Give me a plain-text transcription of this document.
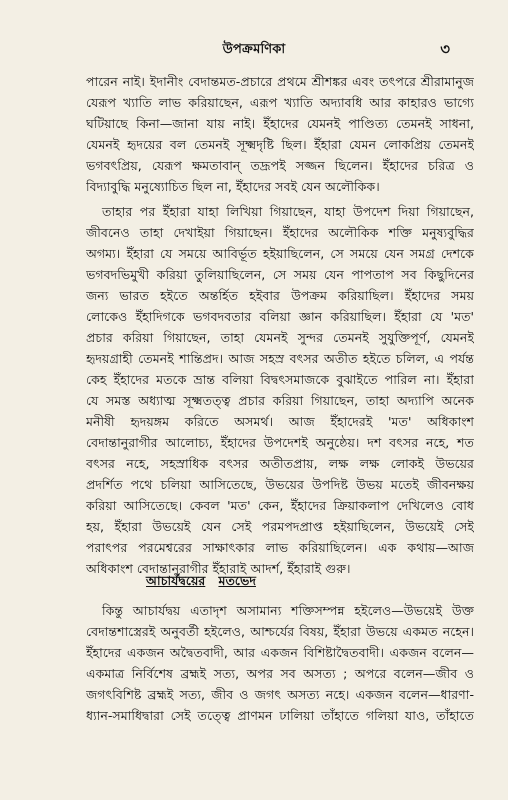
উপক্রমণিকা	৩
পারেন নাই। ইদানীং বেদান্তমত-প্রচারে প্রথমে শ্রীশঙ্কর এবং তৎপরে শ্রীরামানুজ
যেরূপ খ্যাতি লাভ করিয়াছেন, এরূপ খ্যাতি অদ্যাবধি আর কাহারও ভাগ্যে
ঘটিয়াছে কিনা—জানা যায় নাই। ইঁহাদের যেমনই পাণ্ডিত্য তেমনই সাধনা,
যেমনই হৃদয়ের বল তেমনই সূক্ষ্মদৃষ্টি ছিল। ইঁহারা যেমন লোকপ্রিয় তেমনই
ভগবৎপ্রিয়, যেরূপ ক্ষমতাবান্ তদ্রূপই সজ্জন ছিলেন। ইঁহাদের চরিত্র ও
বিদ্যাবুদ্ধি মনুষ্যোচিত ছিল না, ইঁহাদের সবই যেন অলৌকিক।
তাহার পর ইঁহারা যাহা লিখিয়া গিয়াছেন, যাহা উপদেশ দিয়া গিয়াছেন,
জীবনেও তাহা দেখাইয়া গিয়াছেন। ইঁহাদের অলৌকিক শক্তি মনুষ্যবুদ্ধির
অগম্য। ইঁহারা যে সময়ে আবির্ভূত হইয়াছিলেন, সে সময়ে যেন সমগ্র দেশকে
ভগবদভিমুখী করিয়া তুলিয়াছিলেন, সে সময় যেন পাপতাপ সব কিছুদিনের
জন্য ভারত হইতে অন্তর্হিত হইবার উপক্রম করিয়াছিল। ইঁহাদের সময়
লোকেও ইঁহাদিগকে ভগবদবতার বলিয়া জ্ঞান করিয়াছিল। ইঁহারা যে 'মত'
প্রচার করিয়া গিয়াছেন, তাহা যেমনই সুন্দর তেমনই সুযুক্তিপূর্ণ, যেমনই
হৃদয়গ্রাহী তেমনই শান্তিপ্রদ। আজ সহস্র বৎসর অতীত হইতে চলিল, এ পর্যন্ত
কেহ ইঁহাদের মতকে ভ্রান্ত বলিয়া বিদ্বৎসমাজকে বুঝাইতে পারিল না। ইঁহারা
যে সমস্ত অধ্যাত্ম সূক্ষ্মতত্ত্ব প্রচার করিয়া গিয়াছেন, তাহা অদ্যাপি অনেক
মনীষী হৃদয়ঙ্গম করিতে অসমর্থ। আজ ইঁহাদেরই 'মত' অধিকাংশ
বেদান্তানুরাগীর আলোচ্য, ইঁহাদের উপদেশই অনুষ্ঠেয়। দশ বৎসর নহে, শত
বৎসর নহে, সহস্রাধিক বৎসর অতীতপ্রায়, লক্ষ লক্ষ লোকই উভয়ের
প্রদর্শিত পথে চলিয়া আসিতেছে, উভয়ের উপদিষ্ট উভয় মতেই জীবনক্ষয়
করিয়া আসিতেছে। কেবল 'মত' কেন, ইঁহাদের ক্রিয়াকলাপ দেখিলেও বোধ
হয়, ইঁহারা উভয়েই যেন সেই পরমপদপ্রাপ্ত হইয়াছিলেন, উভয়েই সেই
পরাৎপর পরমেশ্বরের সাক্ষাৎকার লাভ করিয়াছিলেন। এক কথায়—আজ
অধিকাংশ বেদান্তানুরাগীর ইঁহারাই আদর্শ, ইঁহারাই গুরু।
আচার্যদ্বয়ের মতভেদ
কিন্তু আচার্যদ্বয় এতাদৃশ অসামান্য শক্তিসম্পন্ন হইলেও—উভয়েই উক্ত
বেদান্তশাস্ত্রেরই অনুবর্তী হইলেও, আশ্চর্যের বিষয়, ইঁহারা উভয়ে একমত নহেন।
ইঁহাদের একজন অদ্বৈতবাদী, আর একজন বিশিষ্টাদ্বৈতবাদী। একজন বলেন—
একমাত্র নির্বিশেষ ব্রহ্মই সত্য, অপর সব অসত্য ; অপরে বলেন—জীব ও
জগৎবিশিষ্ট ব্রহ্মই সত্য, জীব ও জগৎ অসত্য নহে। একজন বলেন—ধারণা-
ধ্যান-সমাধিদ্বারা সেই তত্ত্বে প্রাণমন ঢালিয়া তাঁহাতে গলিয়া যাও, তাঁহাতে
